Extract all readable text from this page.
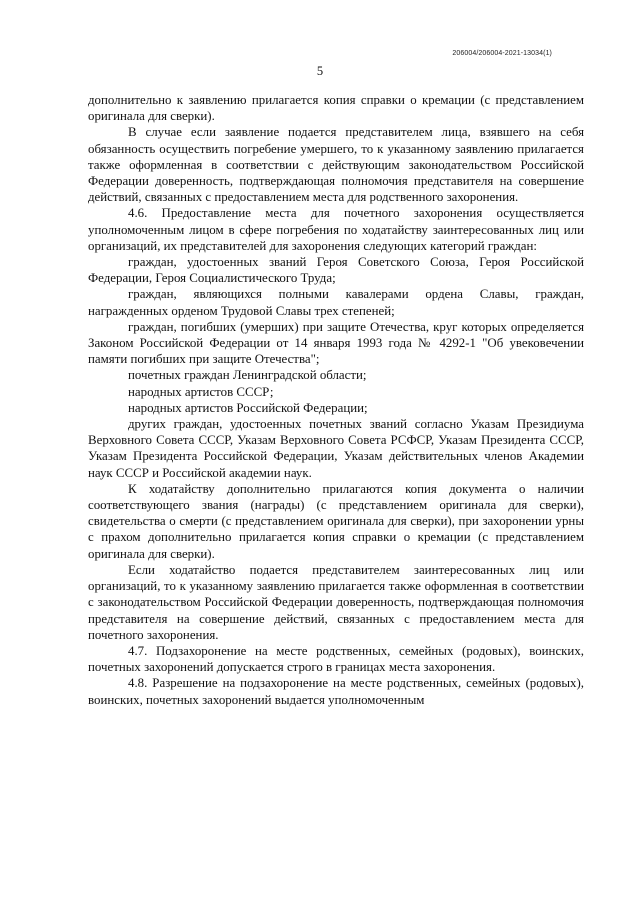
206004/206004-2021-13034(1)
5

дополнительно к заявлению прилагается копия справки о кремации (с представлением оригинала для сверки).

В случае если заявление подается представителем лица, взявшего на себя обязанность осуществить погребение умершего, то к указанному заявлению прилагается также оформленная в соответствии с действующим законодательством Российской Федерации доверенность, подтверждающая полномочия представителя на совершение действий, связанных с предоставлением места для родственного захоронения.

4.6. Предоставление места для почетного захоронения осуществляется уполномоченным лицом в сфере погребения по ходатайству заинтересованных лиц или организаций, их представителей для захоронения следующих категорий граждан:

граждан, удостоенных званий Героя Советского Союза, Героя Российской Федерации, Героя Социалистического Труда;

граждан, являющихся полными кавалерами ордена Славы, граждан, награжденных орденом Трудовой Славы трех степеней;

граждан, погибших (умерших) при защите Отечества, круг которых определяется Законом Российской Федерации от 14 января 1993 года № 4292-1 "Об увековечении памяти погибших при защите Отечества";

почетных граждан Ленинградской области;

народных артистов СССР;

народных артистов Российской Федерации;

других граждан, удостоенных почетных званий согласно Указам Президиума Верховного Совета СССР, Указам Верховного Совета РСФСР, Указам Президента СССР, Указам Президента Российской Федерации, Указам действительных членов Академии наук СССР и Российской академии наук.

К ходатайству дополнительно прилагаются копия документа о наличии соответствующего звания (награды) (с представлением оригинала для сверки), свидетельства о смерти (с представлением оригинала для сверки), при захоронении урны с прахом дополнительно прилагается копия справки о кремации (с представлением оригинала для сверки).

Если ходатайство подается представителем заинтересованных лиц или организаций, то к указанному заявлению прилагается также оформленная в соответствии с законодательством Российской Федерации доверенность, подтверждающая полномочия представителя на совершение действий, связанных с предоставлением места для почетного захоронения.

4.7. Подзахоронение на месте родственных, семейных (родовых), воинских, почетных захоронений допускается строго в границах места захоронения.

4.8. Разрешение на подзахоронение на месте родственных, семейных (родовых), воинских, почетных захоронений выдается уполномоченным
